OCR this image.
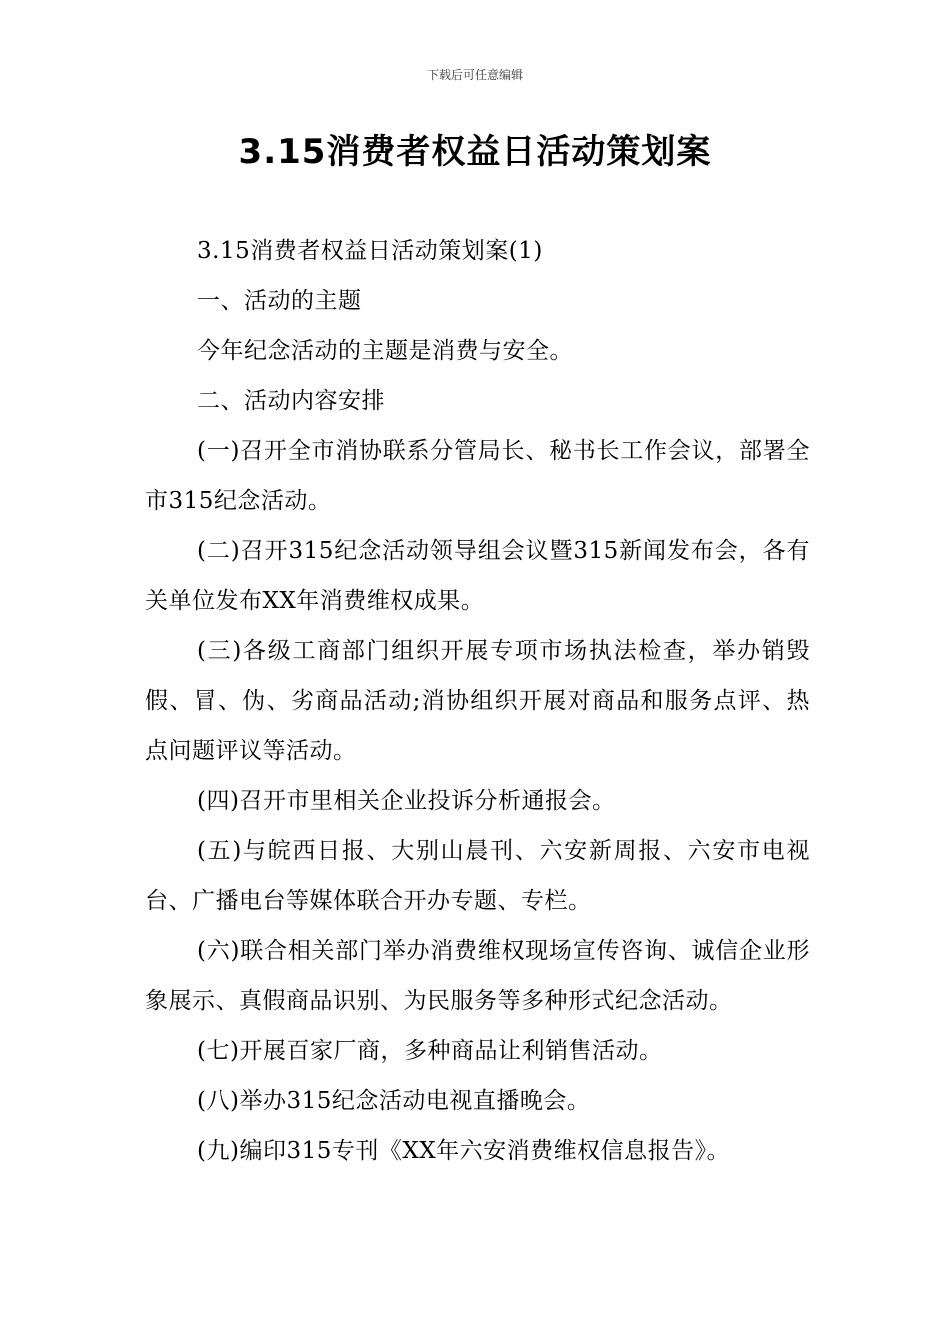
下载后可任意编辑
3.15消费者权益日活动策划案

3.15消费者权益日活动策划案(1)

一、活动的主题

今年纪念活动的主题是消费与安全。

二、活动内容安排

(一)召开全市消协联系分管局长、秘书长工作会议，部署全市315纪念活动。

(二)召开315纪念活动领导组会议暨315新闻发布会，各有关单位发布XX年消费维权成果。

(三)各级工商部门组织开展专项市场执法检查，举办销毁假、冒、伪、劣商品活动;消协组织开展对商品和服务点评、热点问题评议等活动。

(四)召开市里相关企业投诉分析通报会。

(五)与皖西日报、大别山晨刊、六安新周报、六安市电视台、广播电台等媒体联合开办专题、专栏。

(六)联合相关部门举办消费维权现场宣传咨询、诚信企业形象展示、真假商品识别、为民服务等多种形式纪念活动。

(七)开展百家厂商，多种商品让利销售活动。

(八)举办315纪念活动电视直播晚会。

(九)编印315专刊《XX年六安消费维权信息报告》。
